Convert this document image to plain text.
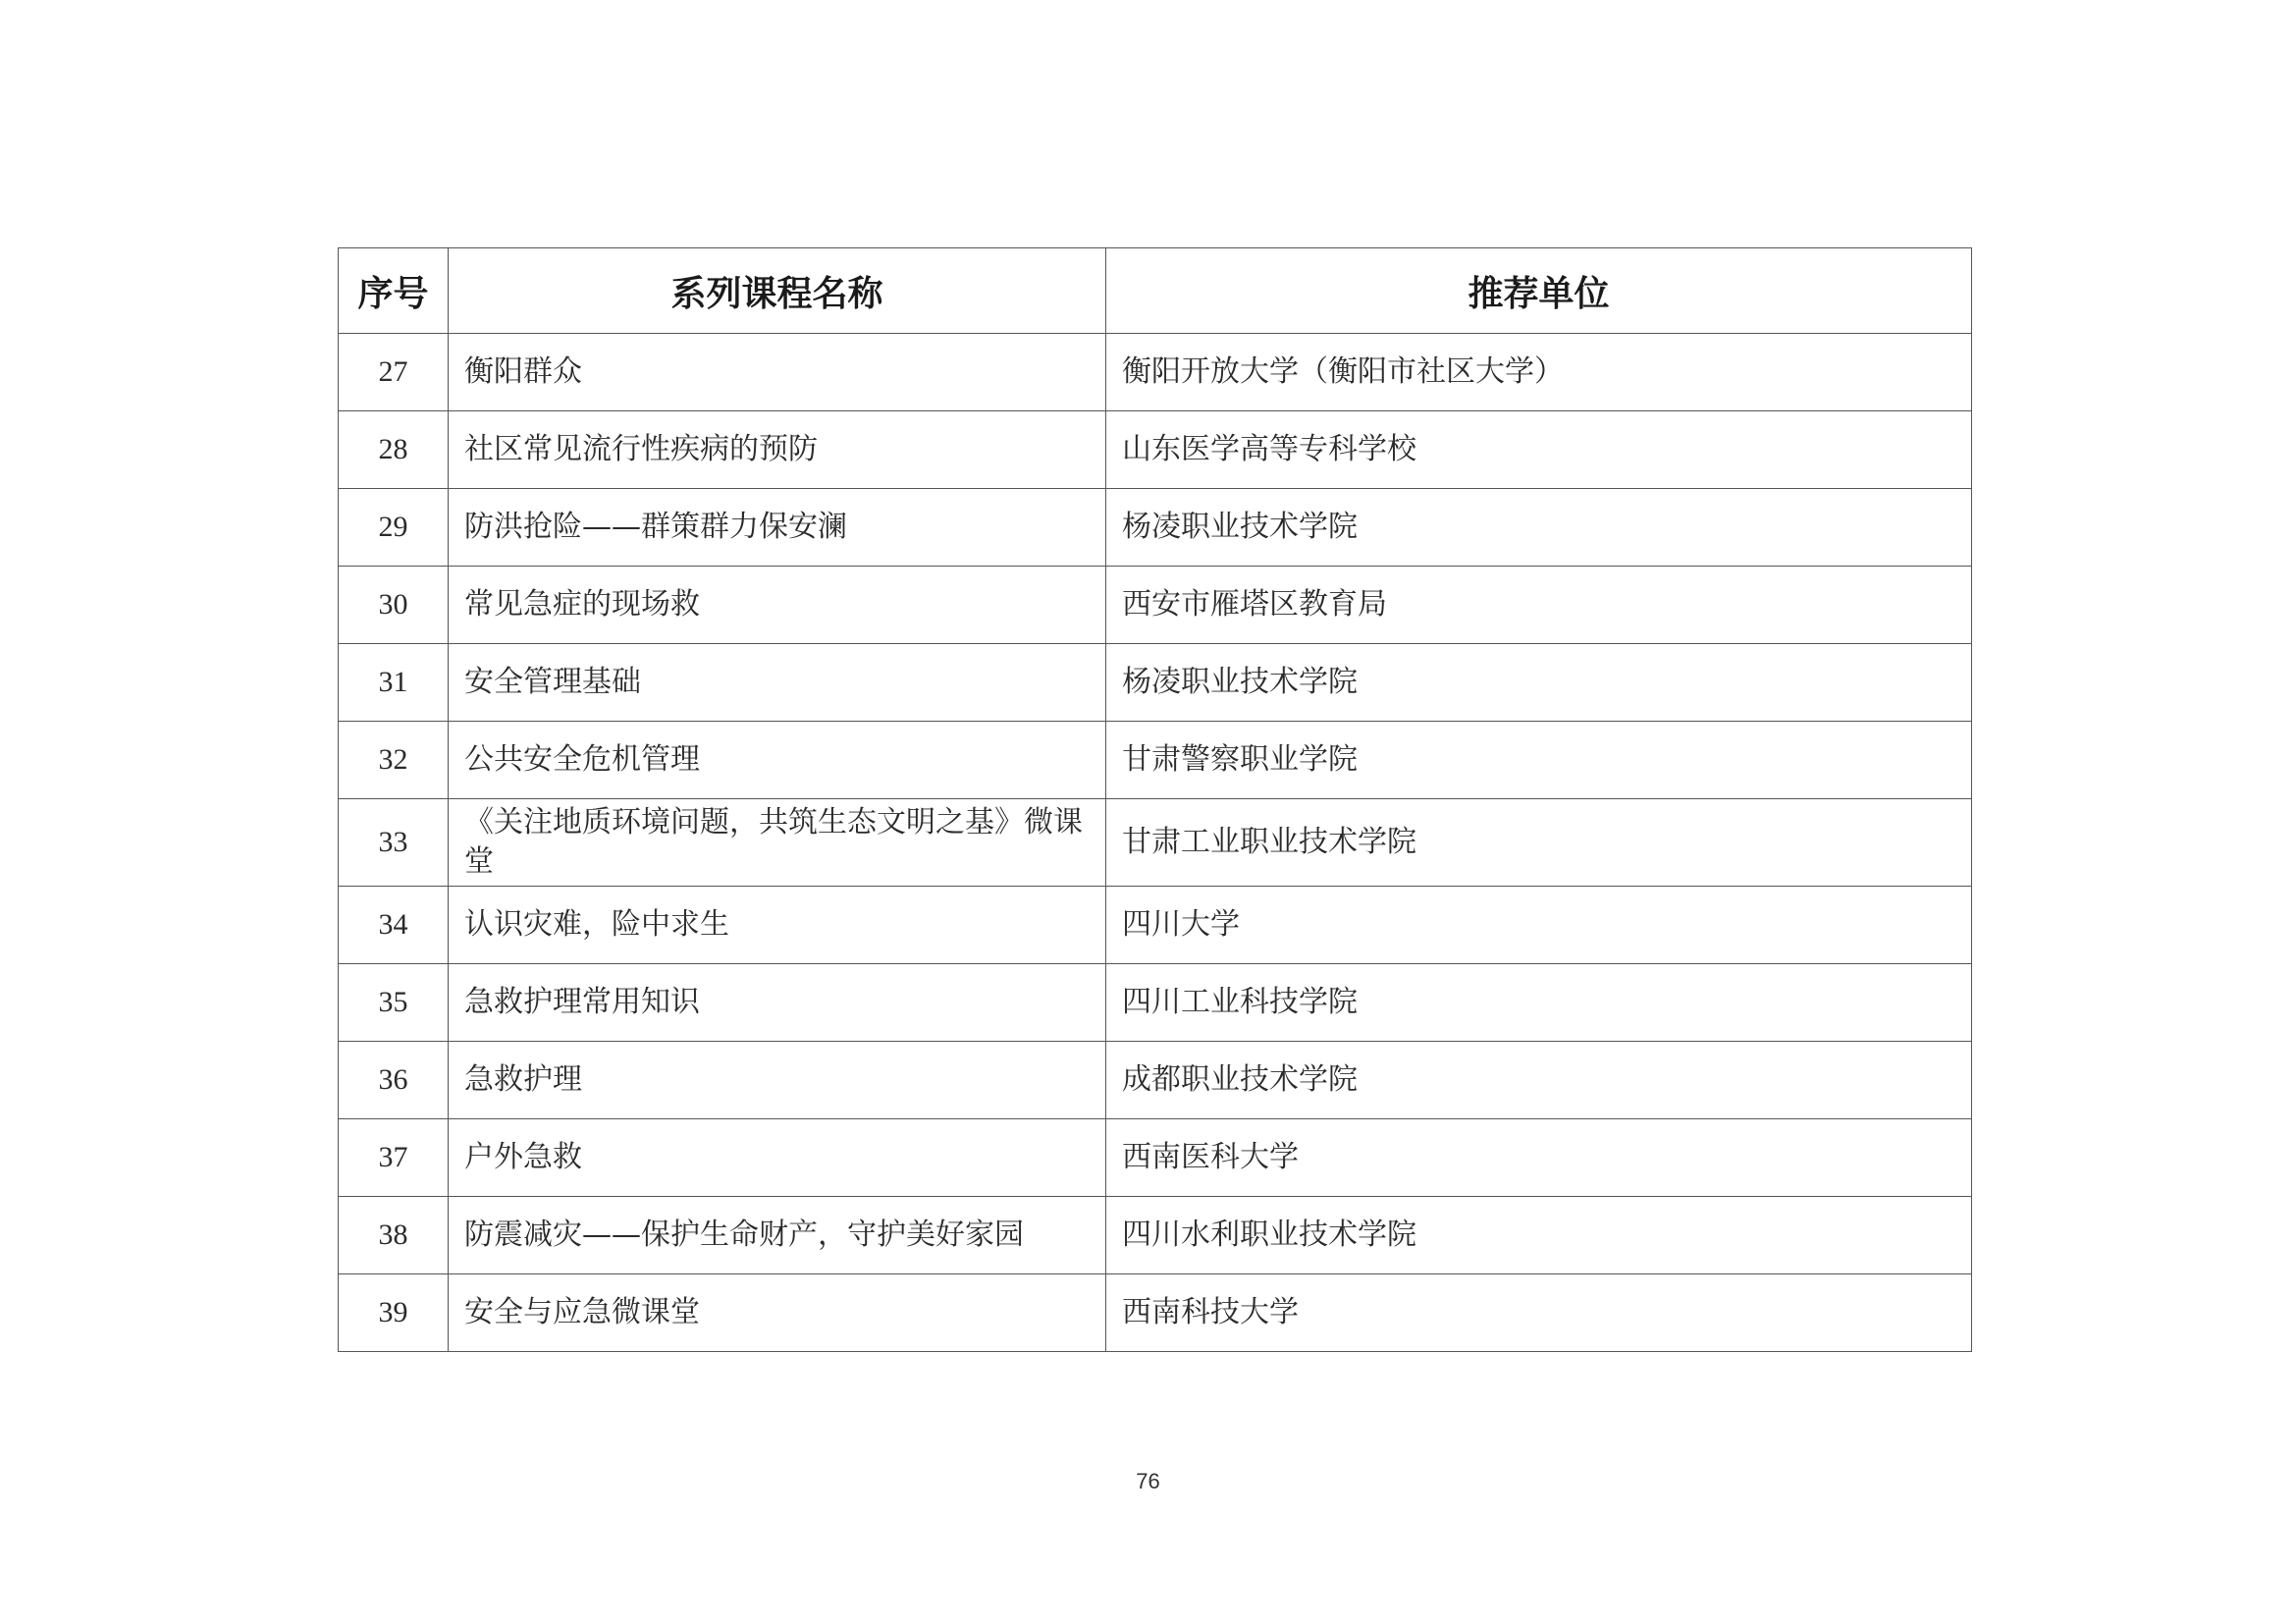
序号	系列课程名称	推荐单位
27	衡阳群众	衡阳开放大学（衡阳市社区大学）
28	社区常见流行性疾病的预防	山东医学高等专科学校
29	防洪抢险——群策群力保安澜	杨凌职业技术学院
30	常见急症的现场救	西安市雁塔区教育局
31	安全管理基础	杨凌职业技术学院
32	公共安全危机管理	甘肃警察职业学院
33	《关注地质环境问题，共筑生态文明之基》微课堂	甘肃工业职业技术学院
34	认识灾难，险中求生	四川大学
35	急救护理常用知识	四川工业科技学院
36	急救护理	成都职业技术学院
37	户外急救	西南医科大学
38	防震减灾——保护生命财产，守护美好家园	四川水利职业技术学院
39	安全与应急微课堂	西南科技大学
76
